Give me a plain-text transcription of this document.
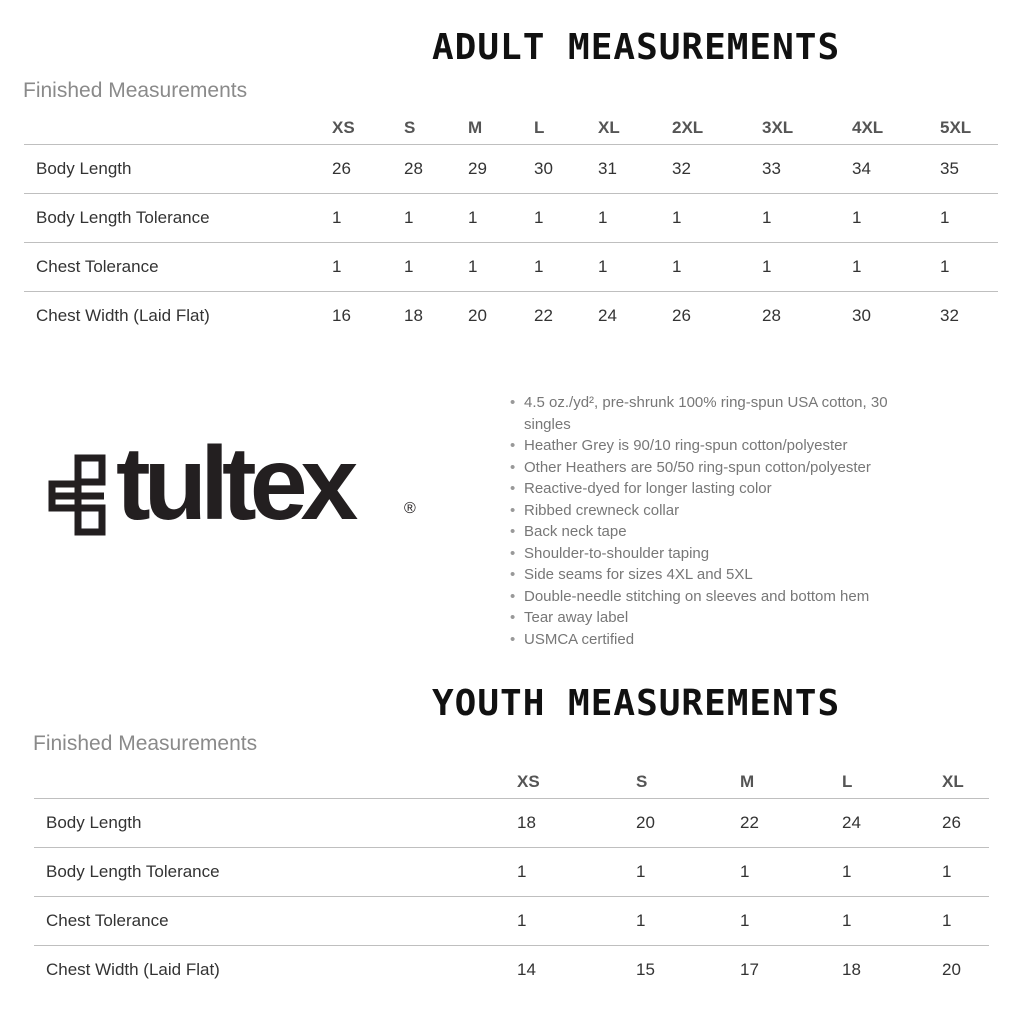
ADULT MEASUREMENTS
Finished Measurements
	XS	S	M	L	XL	2XL	3XL	4XL	5XL
Body Length	26	28	29	30	31	32	33	34	35
Body Length Tolerance	1	1	1	1	1	1	1	1	1
Chest Tolerance	1	1	1	1	1	1	1	1	1
Chest Width (Laid Flat)	16	18	20	22	24	26	28	30	32
tultex	®
• 4.5 oz./yd², pre-shrunk 100% ring-spun USA cotton, 30 singles
• Heather Grey is 90/10 ring-spun cotton/polyester
• Other Heathers are 50/50 ring-spun cotton/polyester
• Reactive-dyed for longer lasting color
• Ribbed crewneck collar
• Back neck tape
• Shoulder-to-shoulder taping
• Side seams for sizes 4XL and 5XL
• Double-needle stitching on sleeves and bottom hem
• Tear away label
• USMCA certified
YOUTH MEASUREMENTS
Finished Measurements
	XS	S	M	L	XL
Body Length	18	20	22	24	26
Body Length Tolerance	1	1	1	1	1
Chest Tolerance	1	1	1	1	1
Chest Width (Laid Flat)	14	15	17	18	20
